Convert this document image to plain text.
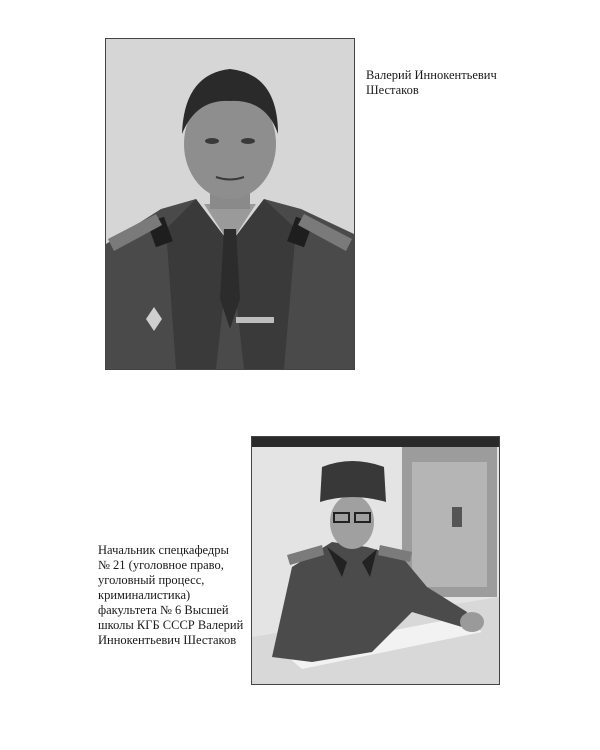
Валерий Иннокентьевич
Шестаков
Начальник спецкафедры
№ 21 (уголовное право,
уголовный процесс,
криминалистика)
факультета № 6 Высшей
школы КГБ СССР Валерий
Иннокентьевич Шестаков
